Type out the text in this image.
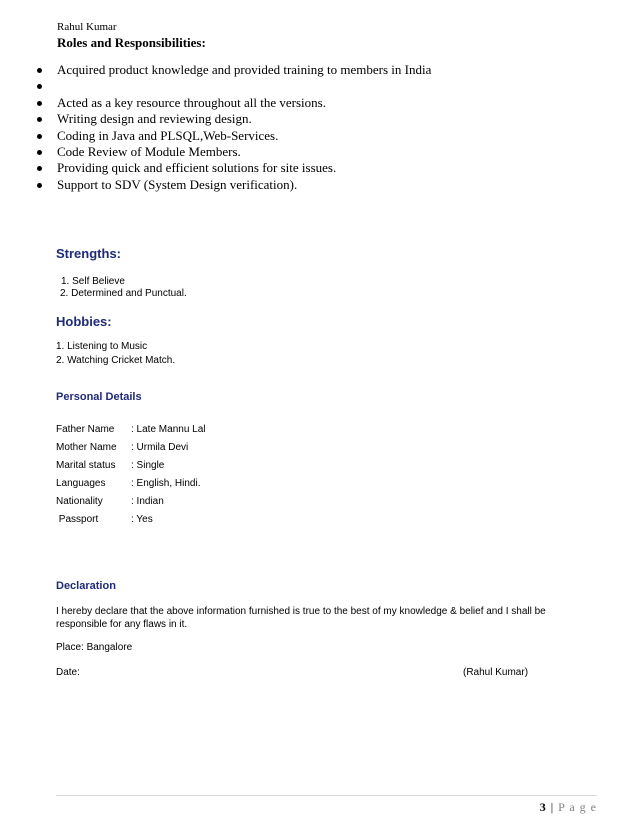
Rahul Kumar
Roles and Responsibilities:
Acquired product knowledge and provided training to members in India
Acted as a key resource throughout all the versions.
Writing design and reviewing design.
Coding in Java and PLSQL,Web-Services.
Code Review of Module Members.
Providing quick and efficient solutions for site issues.
Support to SDV (System Design verification).
Strengths:
1. Self Believe
2. Determined and Punctual.
Hobbies:
1. Listening to Music
2. Watching Cricket Match.
Personal Details
Father Name : Late Mannu Lal
Mother Name : Urmila Devi
Marital status : Single
Languages	: English, Hindi.
Nationality	: Indian
Passport	: Yes
Declaration
I hereby declare that the above information furnished is true to the best of my knowledge & belief and I shall be responsible for any flaws in it.
Place: Bangalore
Date:	(Rahul Kumar)
3 | P a g e
